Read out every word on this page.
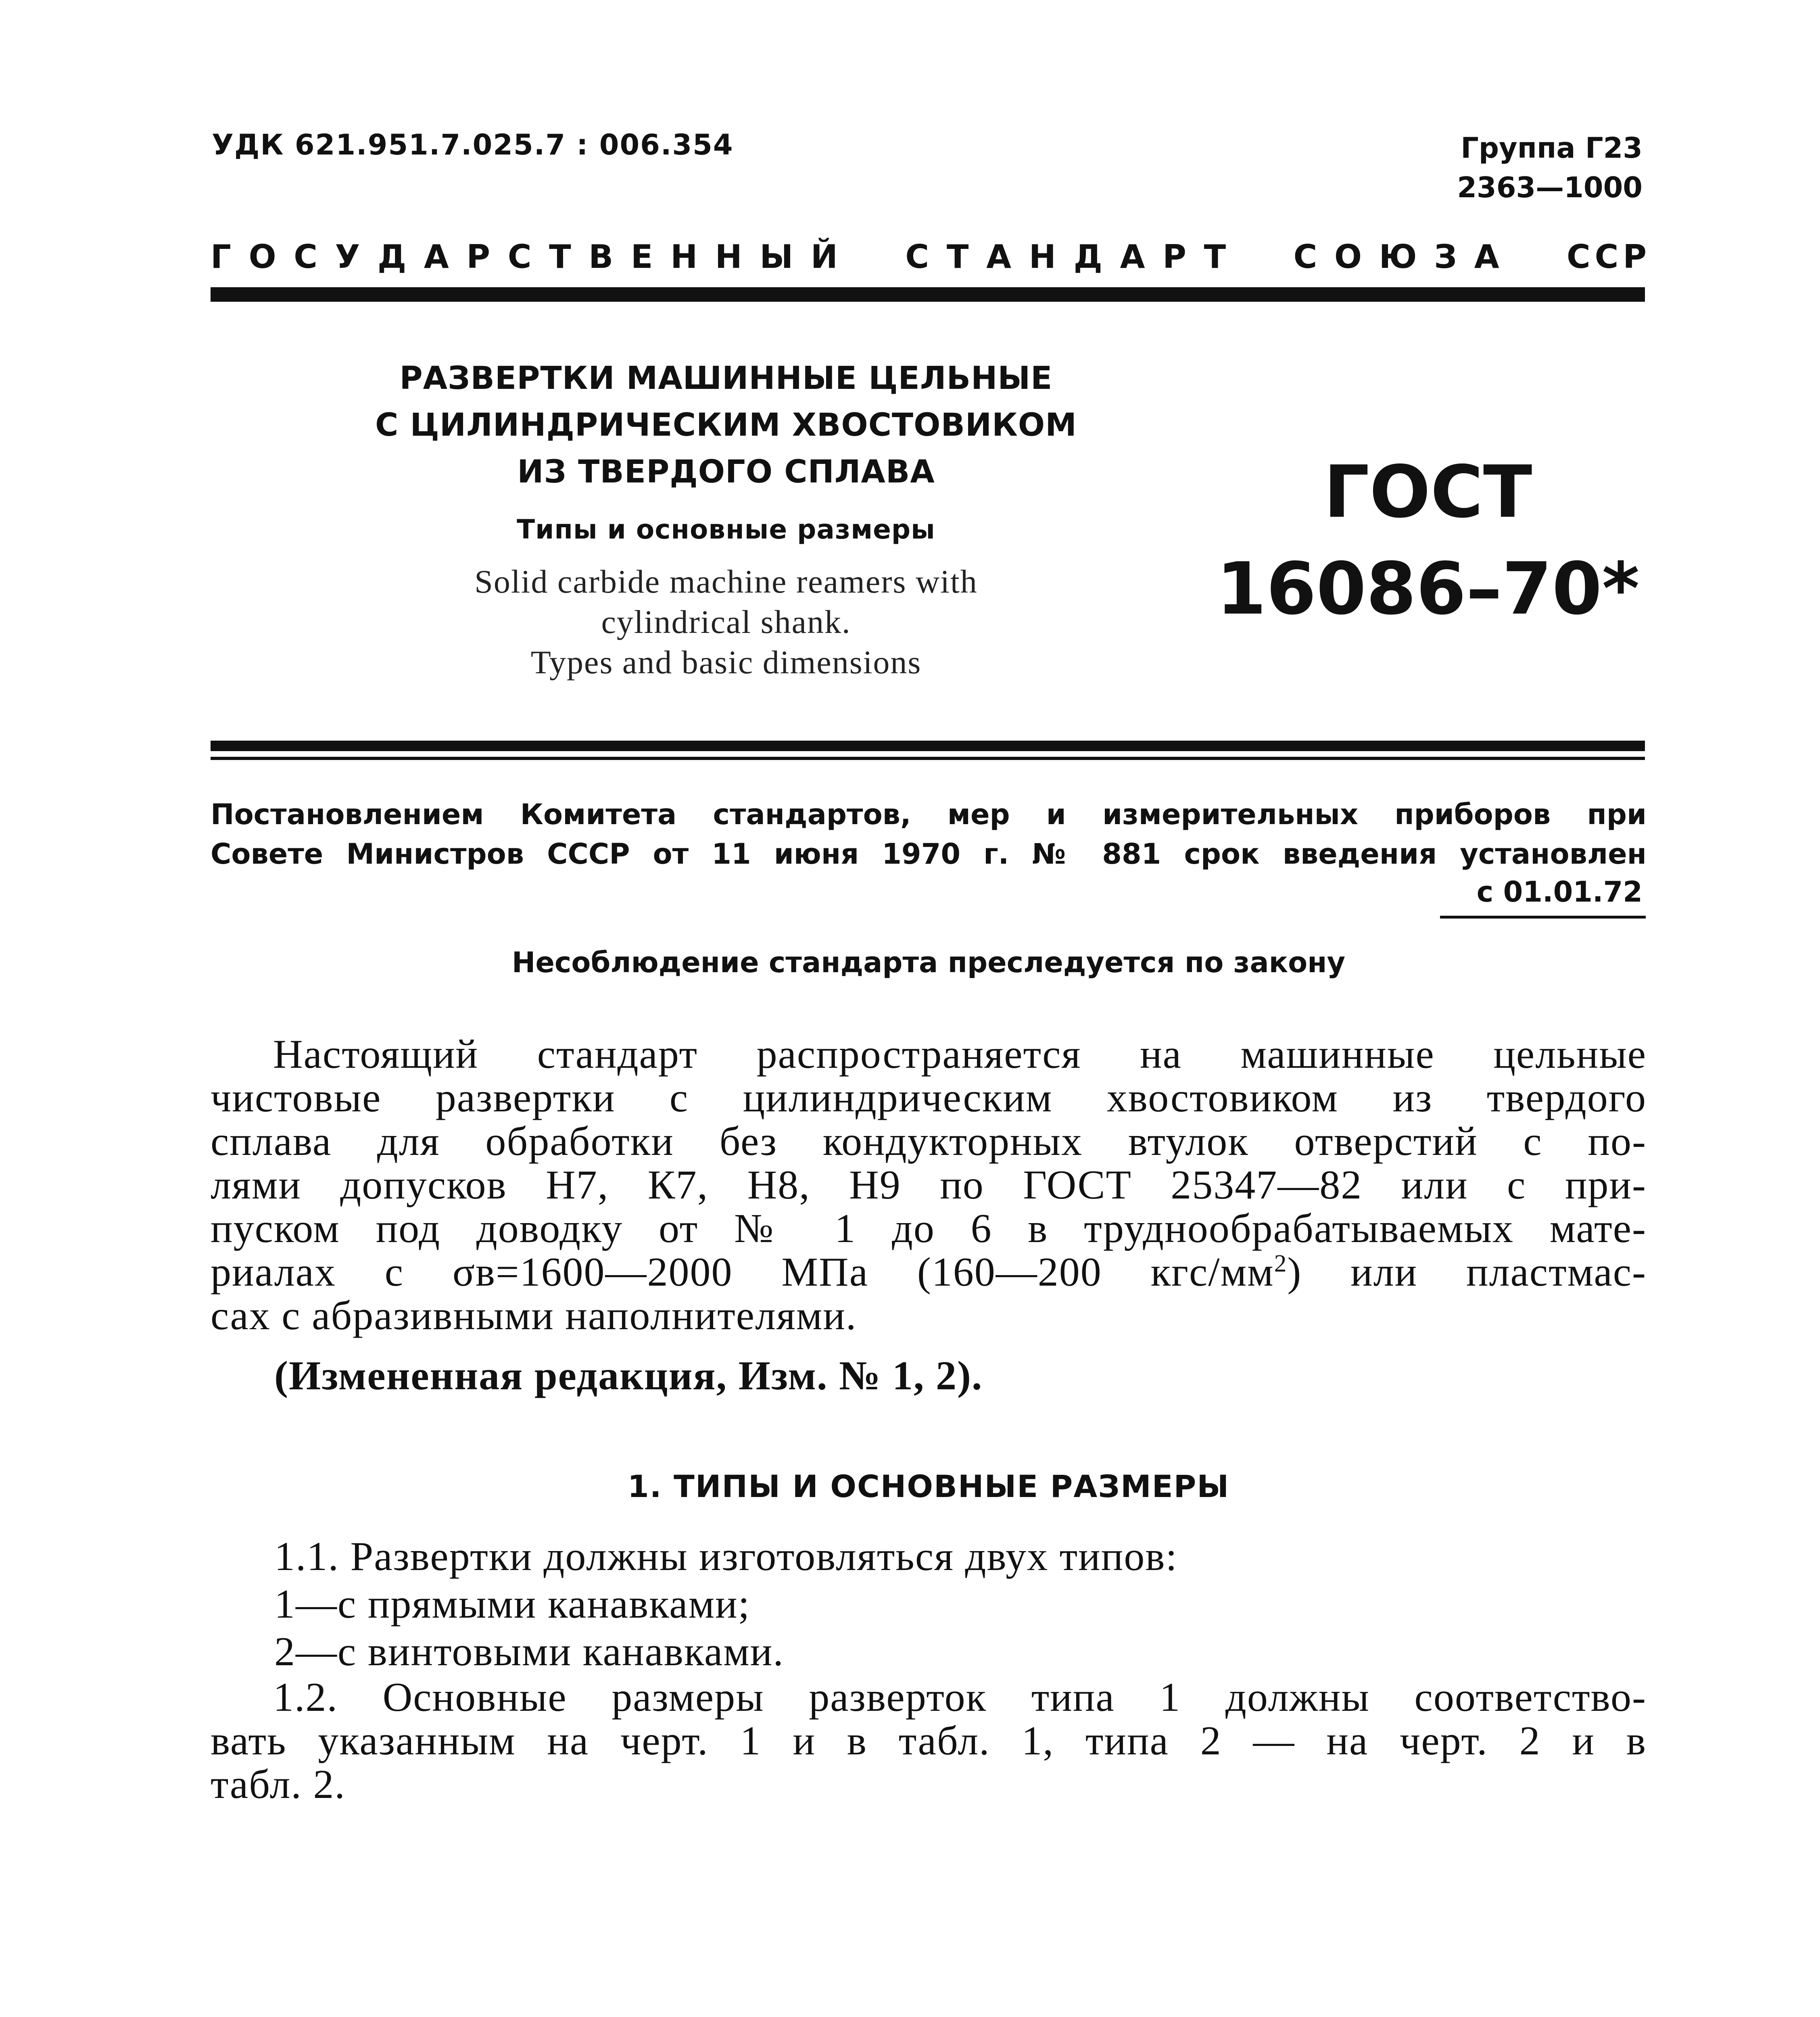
УДК 621.951.7.025.7 : 006.354	Группа Г23
2363—1000
Г О С У Д А Р С Т В Е Н Н Ы Й С Т А Н Д А Р Т С О Ю З А С С Р
РАЗВЕРТКИ МАШИННЫЕ ЦЕЛЬНЫЕ
С ЦИЛИНДРИЧЕСКИМ ХВОСТОВИКОМ
ИЗ ТВЕРДОГО СПЛАВА
Типы и основные размеры
Solid carbide machine reamers with
cylindrical shank.
Types and basic dimensions
ГОСТ
16086–70*
Постановлением Комитета стандартов, мер и измерительных приборов при
Совете Министров СССР от 11 июня 1970 г. № 881 срок введения установлен
с 01.01.72
Несоблюдение стандарта преследуется по закону
Настоящий стандарт распространяется на машинные цельные
чистовые развертки с цилиндрическим хвостовиком из твердого
сплава для обработки без кондукторных втулок отверстий с по-
лями допусков Н7, К7, Н8, Н9 по ГОСТ 25347—82 или с при-
пуском под доводку от № 1 до 6 в труднообрабатываемых мате-
риалах с σв=1600—2000 МПа (160—200 кгс/$мм^2$) или пластмас-
сах с абразивными наполнителями.
(Измененная редакция, Изм. № 1, 2).
1. ТИПЫ И ОСНОВНЫЕ РАЗМЕРЫ
1.1. Развертки должны изготовляться двух типов:
1—с прямыми канавками;
2—с винтовыми канавками.
1.2. Основные размеры разверток типа 1 должны соответство-
вать указанным на черт. 1 и в табл. 1, типа 2 — на черт. 2 и в
табл. 2.
